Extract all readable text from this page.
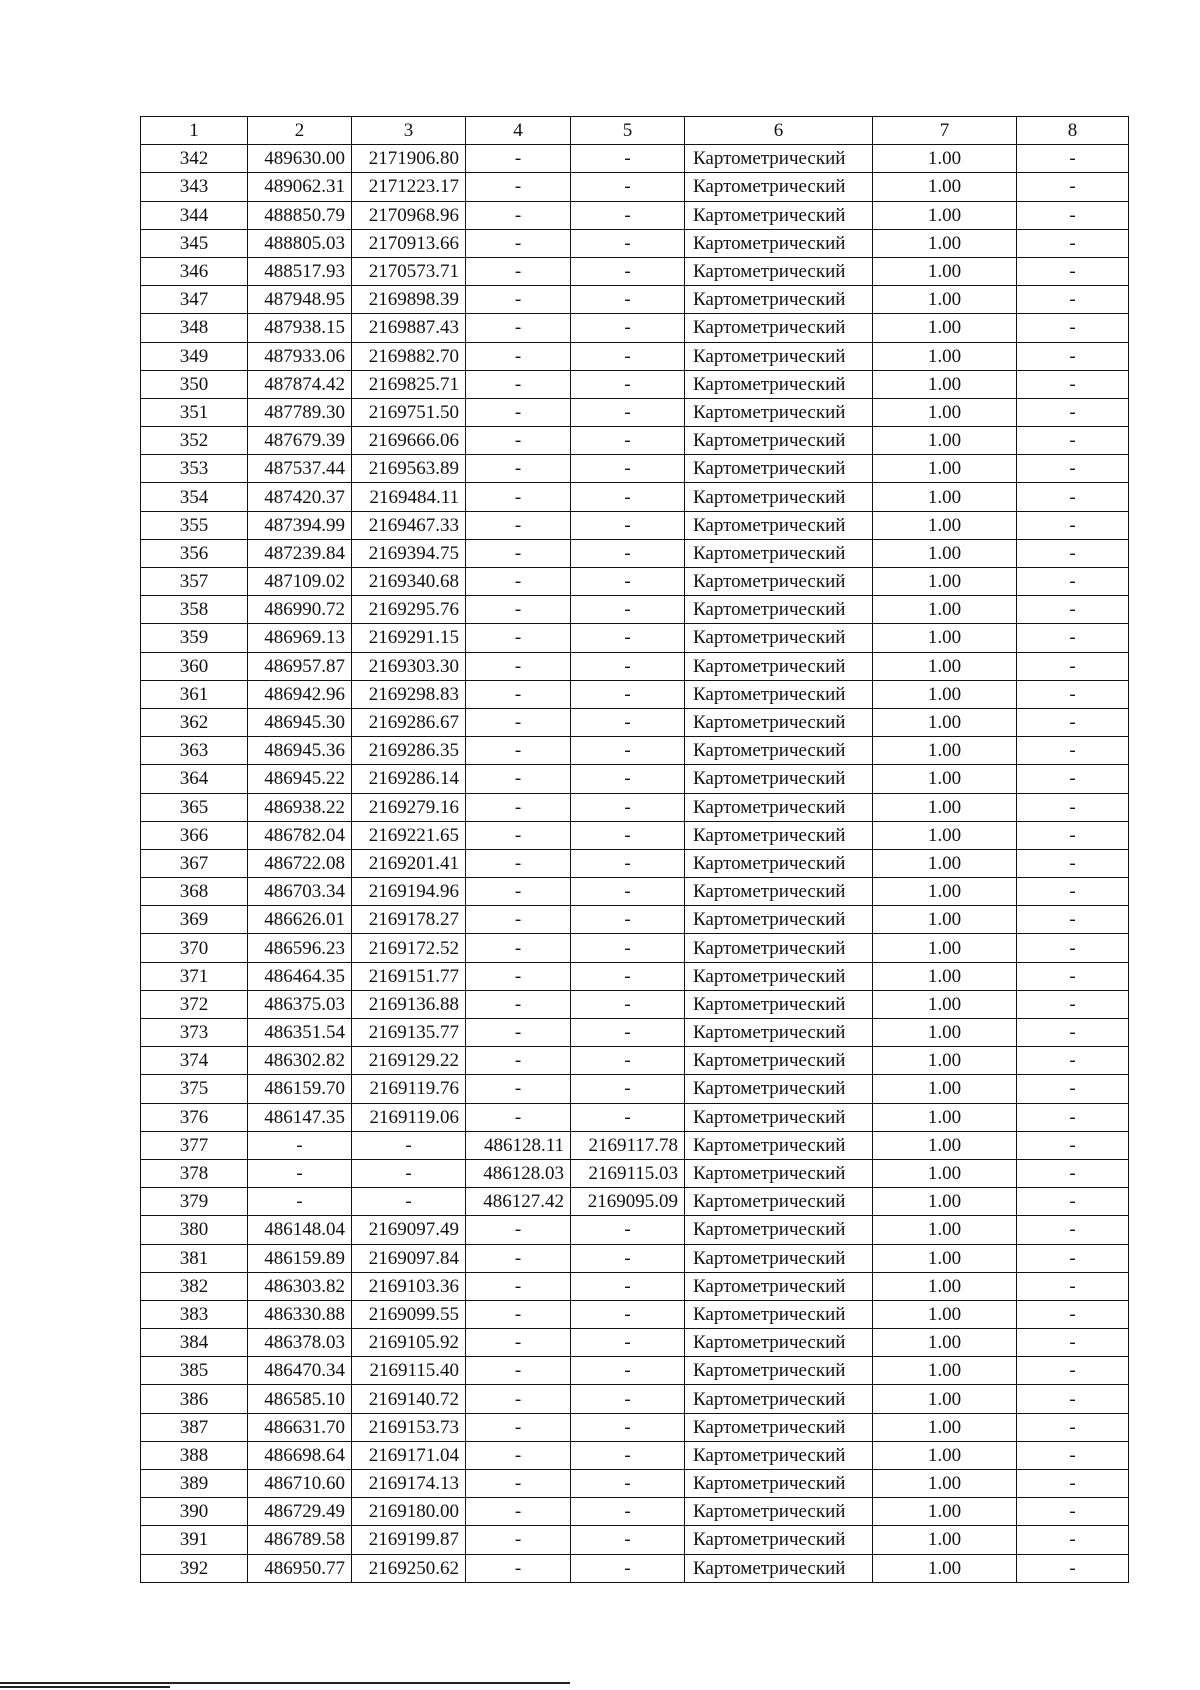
1	2	3	4	5	6	7	8
342	489630.00	2171906.80	-	-	Картометрический	1.00	-
343	489062.31	2171223.17	-	-	Картометрический	1.00	-
344	488850.79	2170968.96	-	-	Картометрический	1.00	-
345	488805.03	2170913.66	-	-	Картометрический	1.00	-
346	488517.93	2170573.71	-	-	Картометрический	1.00	-
347	487948.95	2169898.39	-	-	Картометрический	1.00	-
348	487938.15	2169887.43	-	-	Картометрический	1.00	-
349	487933.06	2169882.70	-	-	Картометрический	1.00	-
350	487874.42	2169825.71	-	-	Картометрический	1.00	-
351	487789.30	2169751.50	-	-	Картометрический	1.00	-
352	487679.39	2169666.06	-	-	Картометрический	1.00	-
353	487537.44	2169563.89	-	-	Картометрический	1.00	-
354	487420.37	2169484.11	-	-	Картометрический	1.00	-
355	487394.99	2169467.33	-	-	Картометрический	1.00	-
356	487239.84	2169394.75	-	-	Картометрический	1.00	-
357	487109.02	2169340.68	-	-	Картометрический	1.00	-
358	486990.72	2169295.76	-	-	Картометрический	1.00	-
359	486969.13	2169291.15	-	-	Картометрический	1.00	-
360	486957.87	2169303.30	-	-	Картометрический	1.00	-
361	486942.96	2169298.83	-	-	Картометрический	1.00	-
362	486945.30	2169286.67	-	-	Картометрический	1.00	-
363	486945.36	2169286.35	-	-	Картометрический	1.00	-
364	486945.22	2169286.14	-	-	Картометрический	1.00	-
365	486938.22	2169279.16	-	-	Картометрический	1.00	-
366	486782.04	2169221.65	-	-	Картометрический	1.00	-
367	486722.08	2169201.41	-	-	Картометрический	1.00	-
368	486703.34	2169194.96	-	-	Картометрический	1.00	-
369	486626.01	2169178.27	-	-	Картометрический	1.00	-
370	486596.23	2169172.52	-	-	Картометрический	1.00	-
371	486464.35	2169151.77	-	-	Картометрический	1.00	-
372	486375.03	2169136.88	-	-	Картометрический	1.00	-
373	486351.54	2169135.77	-	-	Картометрический	1.00	-
374	486302.82	2169129.22	-	-	Картометрический	1.00	-
375	486159.70	2169119.76	-	-	Картометрический	1.00	-
376	486147.35	2169119.06	-	-	Картометрический	1.00	-
377	-	-	486128.11	2169117.78	Картометрический	1.00	-
378	-	-	486128.03	2169115.03	Картометрический	1.00	-
379	-	-	486127.42	2169095.09	Картометрический	1.00	-
380	486148.04	2169097.49	-	-	Картометрический	1.00	-
381	486159.89	2169097.84	-	-	Картометрический	1.00	-
382	486303.82	2169103.36	-	-	Картометрический	1.00	-
383	486330.88	2169099.55	-	-	Картометрический	1.00	-
384	486378.03	2169105.92	-	-	Картометрический	1.00	-
385	486470.34	2169115.40	-	-	Картометрический	1.00	-
386	486585.10	2169140.72	-	-	Картометрический	1.00	-
387	486631.70	2169153.73	-	-	Картометрический	1.00	-
388	486698.64	2169171.04	-	-	Картометрический	1.00	-
389	486710.60	2169174.13	-	-	Картометрический	1.00	-
390	486729.49	2169180.00	-	-	Картометрический	1.00	-
391	486789.58	2169199.87	-	-	Картометрический	1.00	-
392	486950.77	2169250.62	-	-	Картометрический	1.00	-
